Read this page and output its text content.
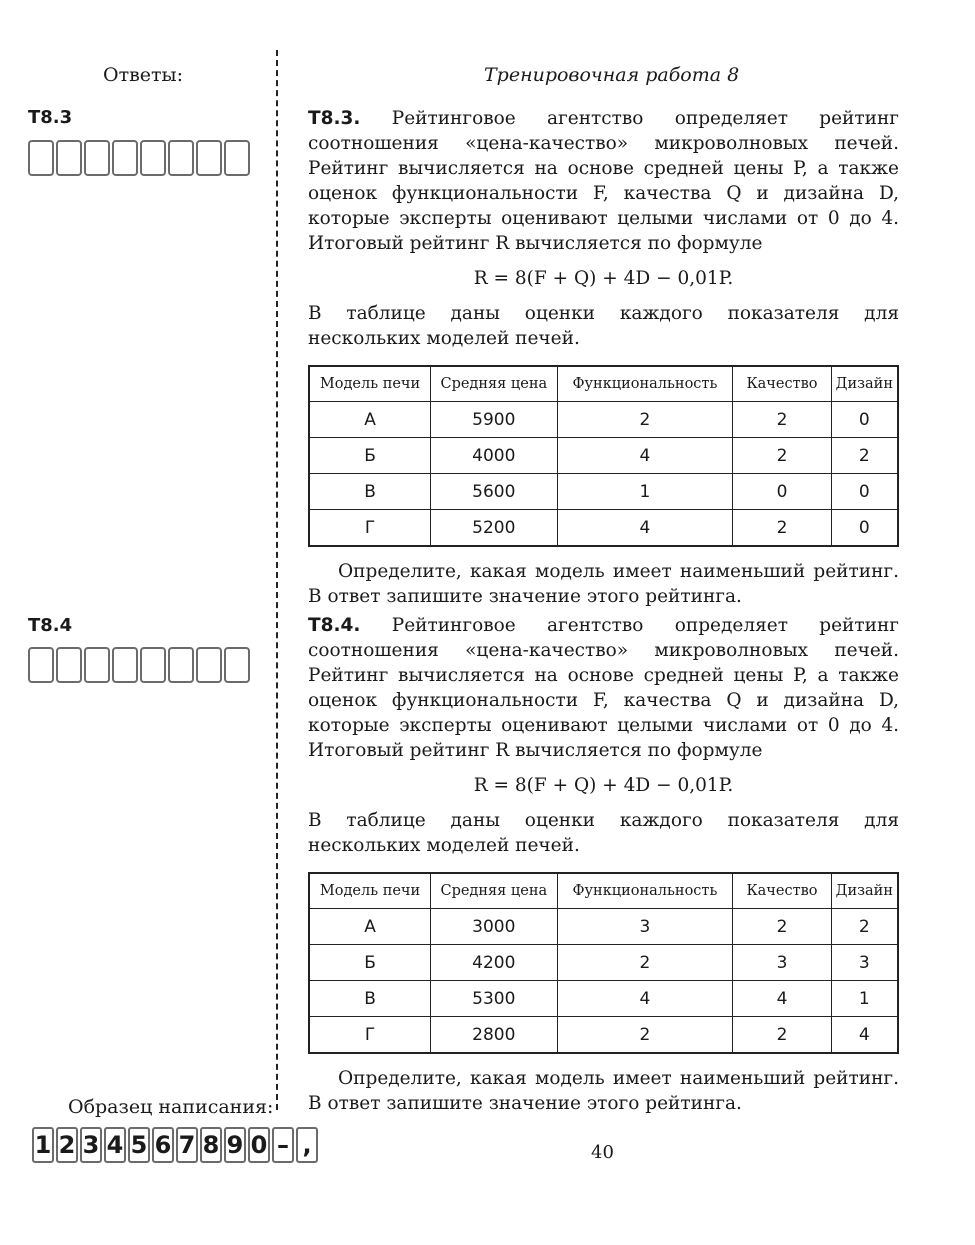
Ответы:
T8.3
T8.4
Образец написания:
1 2 3 4 5 6 7 8 9 0 – ,
Тренировочная работа 8

T8.3. Рейтинговое агентство определяет рейтинг соотношения «цена-качество» микроволновых печей. Рейтинг вычисляется на основе средней цены P, а также оценок функциональности F, качества Q и дизайна D, которые эксперты оценивают целыми числами от 0 до 4. Итоговый рейтинг R вычисляется по формуле

R = 8(F + Q) + 4D − 0,01P.

В таблице даны оценки каждого показателя для нескольких моделей печей.

Модель печи	Средняя цена	Функциональность	Качество	Дизайн
А	5900	2	2	0
Б	4000	4	2	2
В	5600	1	0	0
Г	5200	4	2	0

Определите, какая модель имеет наименьший рейтинг. В ответ запишите значение этого рейтинга.

T8.4. Рейтинговое агентство определяет рейтинг соотношения «цена-качество» микроволновых печей. Рейтинг вычисляется на основе средней цены P, а также оценок функциональности F, качества Q и дизайна D, которые эксперты оценивают целыми числами от 0 до 4. Итоговый рейтинг R вычисляется по формуле

R = 8(F + Q) + 4D − 0,01P.

В таблице даны оценки каждого показателя для нескольких моделей печей.

Модель печи	Средняя цена	Функциональность	Качество	Дизайн
А	3000	3	2	2
Б	4200	2	3	3
В	5300	4	4	1
Г	2800	2	2	4

Определите, какая модель имеет наименьший рейтинг. В ответ запишите значение этого рейтинга.

40
